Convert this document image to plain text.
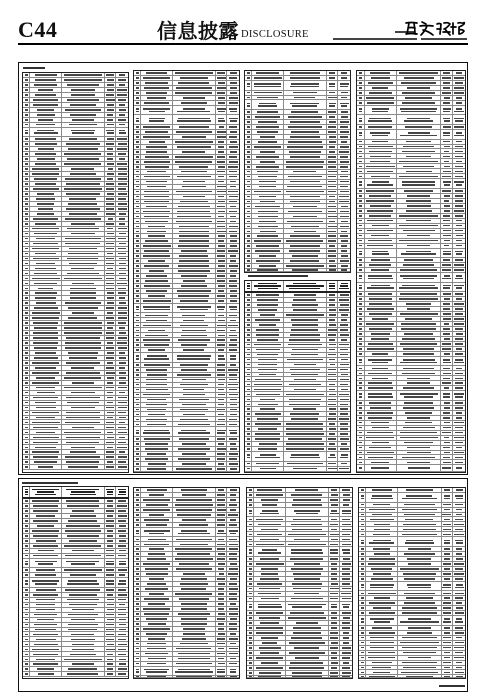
C44	信息披露 DISCLOSURE
